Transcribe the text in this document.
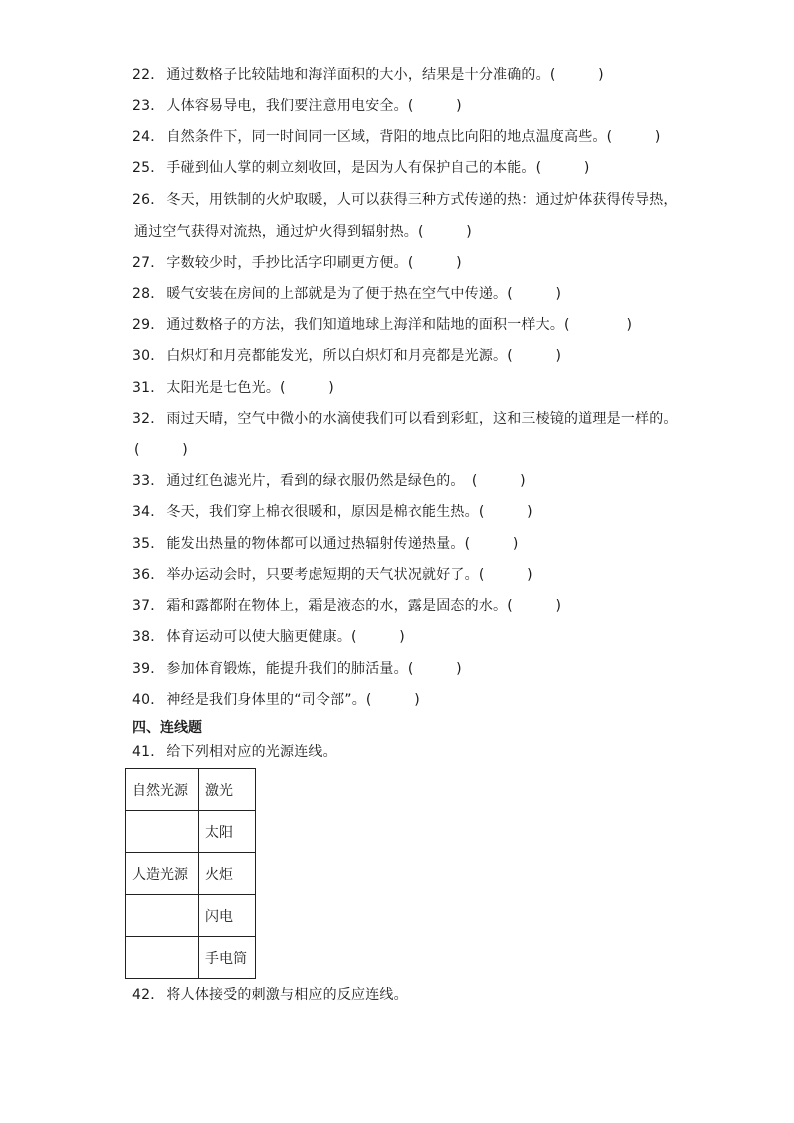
22． 通过数格子比较陆地和海洋面积的大小，结果是十分准确的。(　　　)

23． 人体容易导电，我们要注意用电安全。(　　　)

24． 自然条件下，同一时间同一区域，背阳的地点比向阳的地点温度高些。(　　　)

25． 手碰到仙人掌的刺立刻收回，是因为人有保护自己的本能。(　　　)

26． 冬天，用铁制的火炉取暖，人可以获得三种方式传递的热：通过炉体获得传导热，

通过空气获得对流热，通过炉火得到辐射热。(　　　)

27． 字数较少时，手抄比活字印刷更方便。(　　　)

28． 暖气安装在房间的上部就是为了便于热在空气中传递。(　　　)

29． 通过数格子的方法，我们知道地球上海洋和陆地的面积一样大。(　　　　)

30． 白炽灯和月亮都能发光，所以白炽灯和月亮都是光源。(　　　)

31． 太阳光是七色光。(　　　)

32． 雨过天晴，空气中微小的水滴使我们可以看到彩虹，这和三棱镜的道理是一样的。

(　　　)

33． 通过红色滤光片，看到的绿衣服仍然是绿色的。　(　　　)

34． 冬天，我们穿上棉衣很暖和，原因是棉衣能生热。(　　　)

35． 能发出热量的物体都可以通过热辐射传递热量。(　　　)

36． 举办运动会时，只要考虑短期的天气状况就好了。(　　　)

37． 霜和露都附在物体上，霜是液态的水，露是固态的水。(　　　)

38． 体育运动可以使大脑更健康。(　　　)

39． 参加体育锻炼，能提升我们的肺活量。(　　　)

40． 神经是我们身体里的“司令部”。(　　　)

四、连线题

41． 给下列相对应的光源连线。

自然光源	激光
	太阳
人造光源	火炬
	闪电
	手电筒

42． 将人体接受的刺激与相应的反应连线。
